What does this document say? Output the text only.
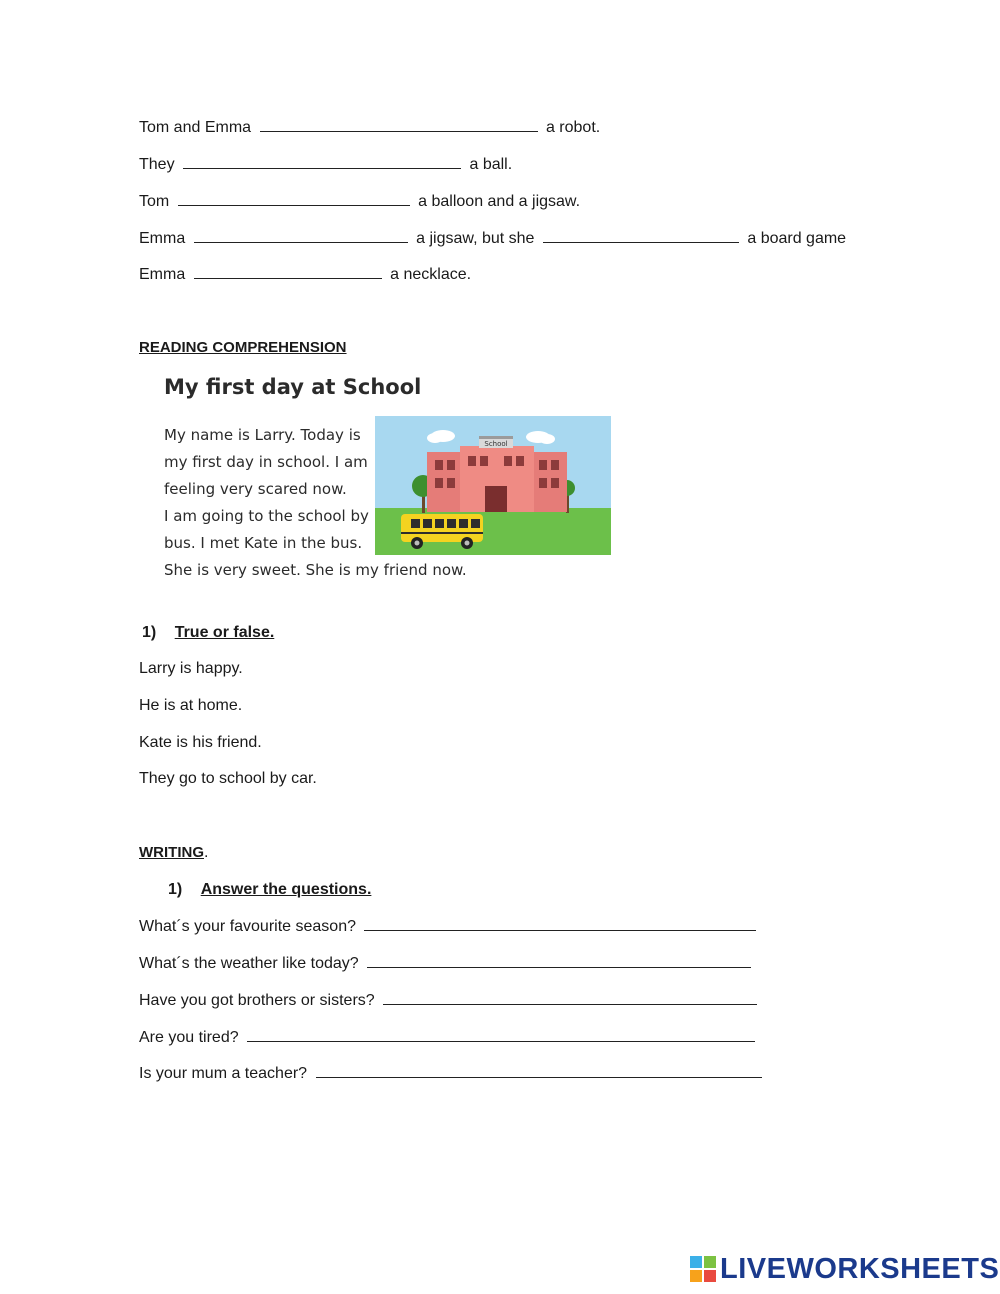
Tom and Emma	a robot.
They	a ball.
Tom	a balloon and a jigsaw.
Emma	a jigsaw, but she	a board game
Emma	a necklace.
READING COMPREHENSION
My first day at School
My name is Larry. Today is
my first day in school. I am
feeling very scared now.
I am going to the school by
bus. I met Kate in the bus.
She is very sweet. She is my friend now.
School
1) True or false.
Larry is happy.
He is at home.
Kate is his friend.
They go to school by car.
WRITING.
1) Answer the questions.
What´s your favourite season?
What´s the weather like today?
Have you got brothers or sisters?
Are you tired?
Is your mum a teacher?
LIVEWORKSHEETS
